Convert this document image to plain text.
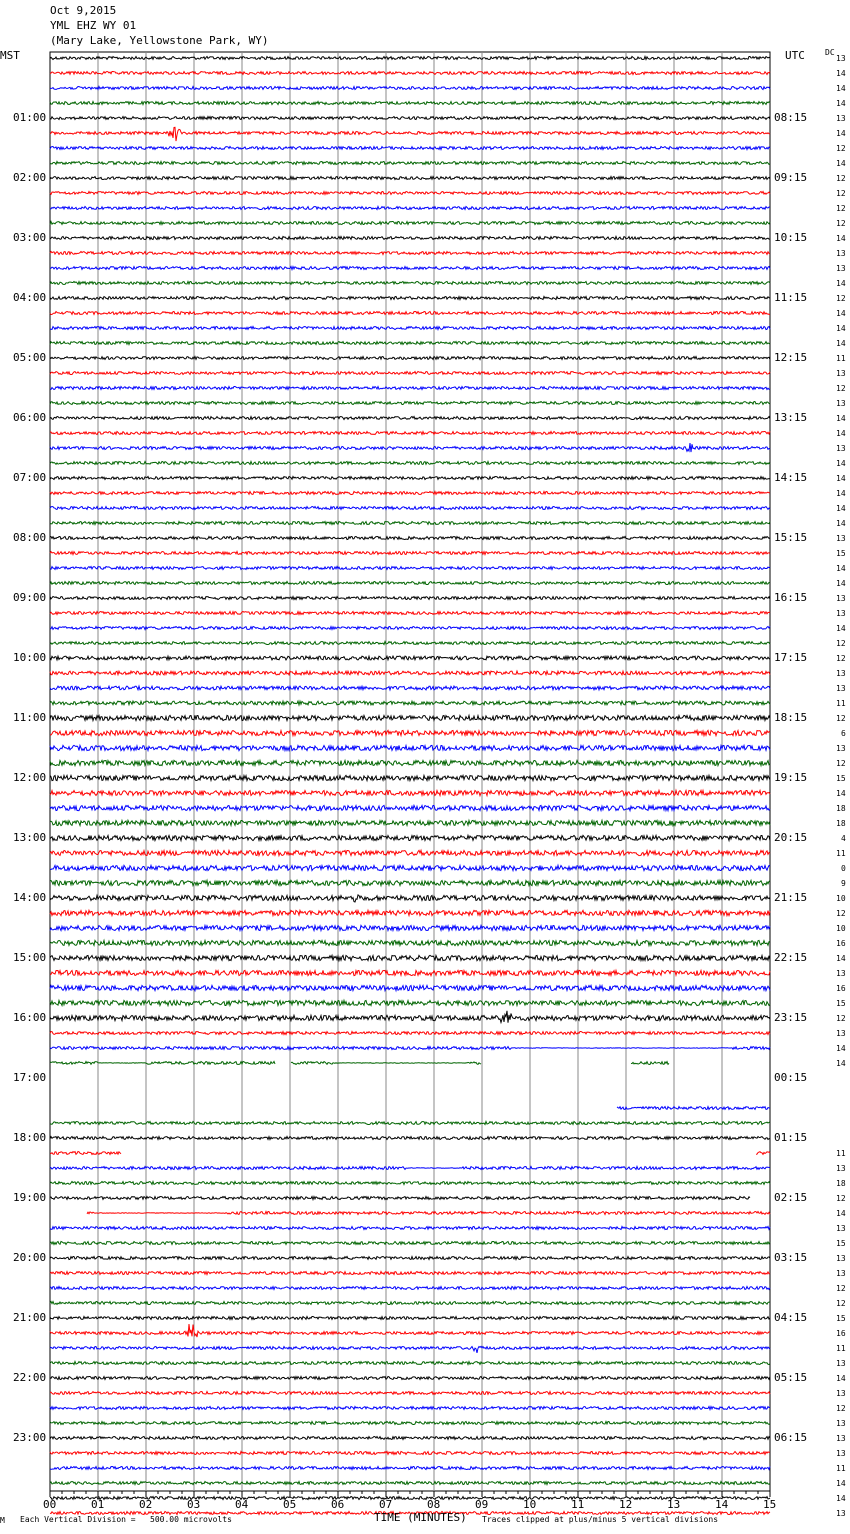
Oct 9,2015
YML EHZ WY 01
(Mary Lake, Yellowstone Park, WY)
MST	UTC	DC
01:00	08:15
02:00	09:15
03:00	10:15
04:00	11:15
05:00	12:15
06:00	13:15
07:00	14:15
08:00	15:15
09:00	16:15
10:00	17:15
11:00	18:15
12:00	19:15
13:00	20:15
14:00	21:15
15:00	22:15
16:00	23:15
17:00	00:15
18:00	01:15
19:00	02:15
20:00	03:15
21:00	04:15
22:00	05:15
23:00	06:15
13
14
14
14
13
14
12
14
12
12
12
12
14
13
13
14
12
14
14
14
11
13
12
13
14
14
13
14
14
14
14
14
13
15
14
14
13
13
14
12
12
13
13
11
12
6
13
12
15
14
18
18
4
11
0
9
10
12
10
16
14
13
16
15
12
13
14
14
11
13
18
12
14
13
15
13
13
12
12
15
16
11
13
14
13
12
13
13
13
11
14
14
13
00	01	02	03	04	05	06	07	08	09	10	11	12	13	14	15
M Each Vertical Division =   500.00 microvolts	TIME (MINUTES) Traces clipped at plus/minus 5 vertical divisions
